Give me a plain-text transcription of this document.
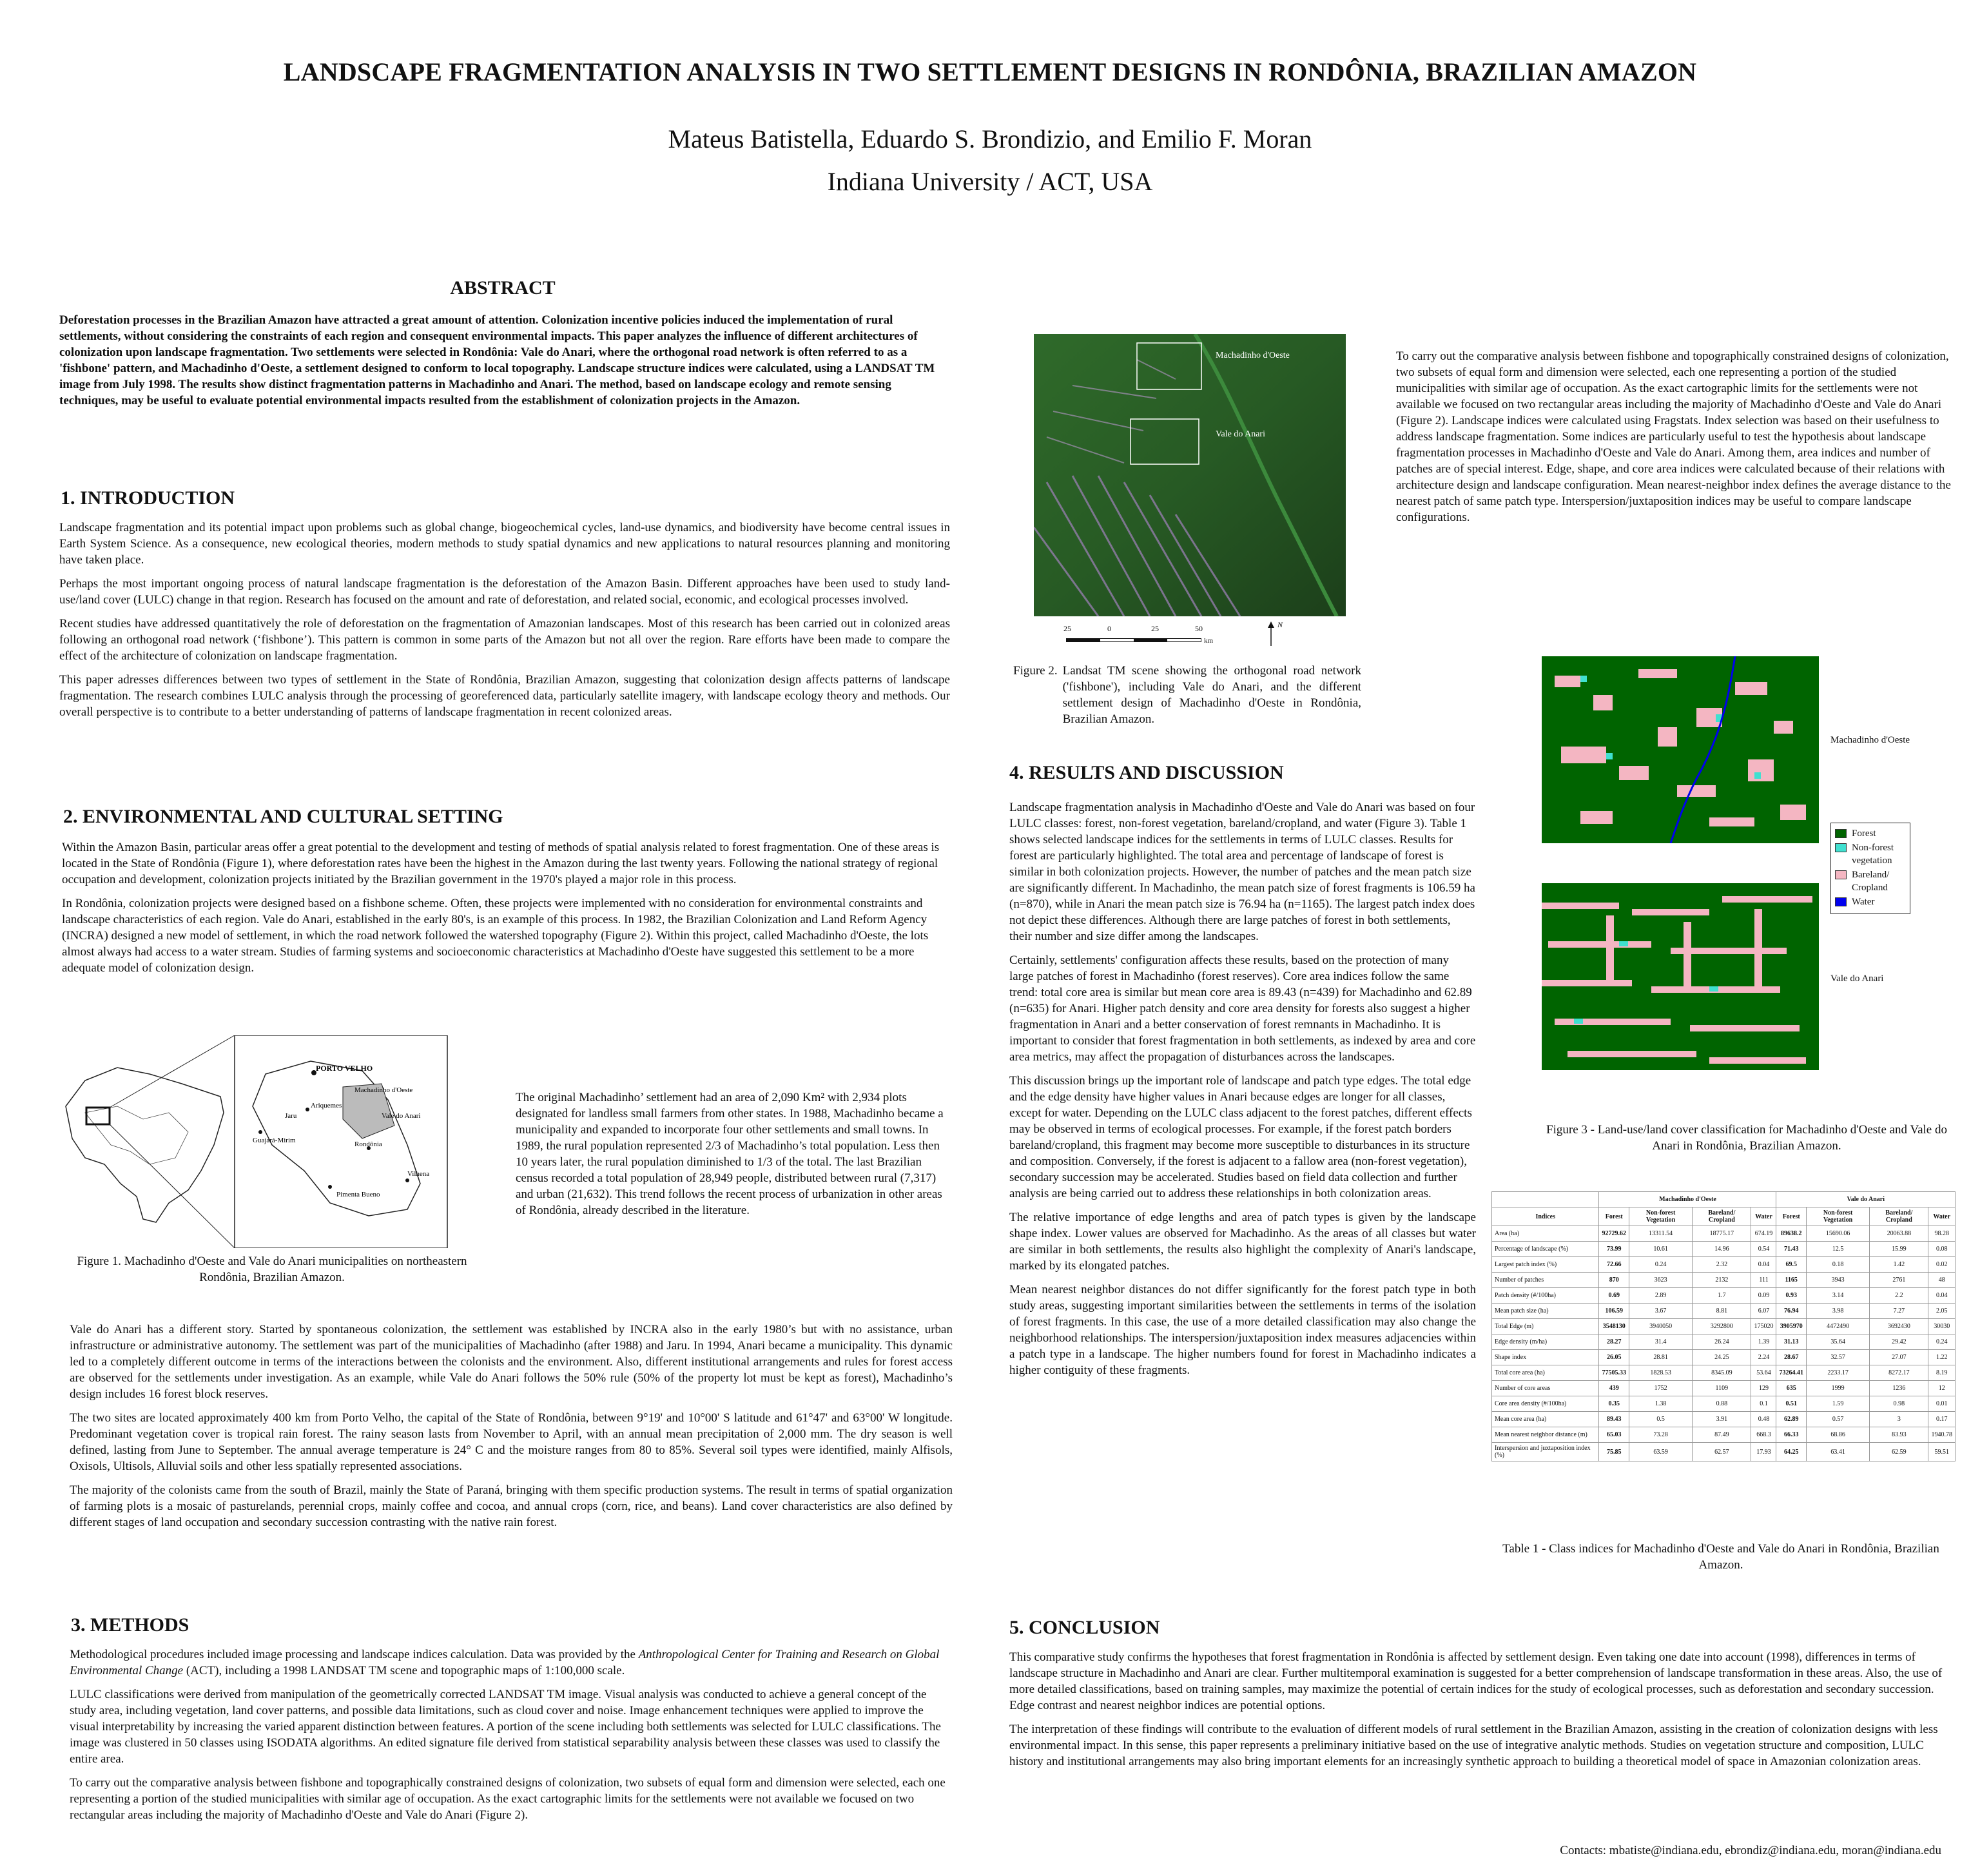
LANDSCAPE FRAGMENTATION ANALYSIS IN TWO SETTLEMENT DESIGNS IN RONDÔNIA, BRAZILIAN AMAZON
Mateus Batistella, Eduardo S. Brondizio, and Emilio F. Moran
Indiana University / ACT, USA
ABSTRACT
Deforestation processes in the Brazilian Amazon have attracted a great amount of attention. Colonization incentive policies induced the implementation of rural settlements, without considering the constraints of each region and consequent environmental impacts. This paper analyzes the influence of different architectures of colonization upon landscape fragmentation. Two settlements were selected in Rondônia: Vale do Anari, where the orthogonal road network is often referred to as a 'fishbone' pattern, and Machadinho d'Oeste, a settlement designed to conform to local topography. Landscape structure indices were calculated, using a LANDSAT TM image from July 1998. The results show distinct fragmentation patterns in Machadinho and Anari. The method, based on landscape ecology and remote sensing techniques, may be useful to evaluate potential environmental impacts resulted from the establishment of colonization projects in the Amazon.
1. INTRODUCTION

Landscape fragmentation and its potential impact upon problems such as global change, biogeochemical cycles, land-use dynamics, and biodiversity have become central issues in Earth System Science. As a consequence, new ecological theories, modern methods to study spatial dynamics and new applications to natural resources planning and monitoring have taken place.

Perhaps the most important ongoing process of natural landscape fragmentation is the deforestation of the Amazon Basin. Different approaches have been used to study land-use/land cover (LULC) change in that region. Research has focused on the amount and rate of deforestation, and related social, economic, and ecological processes involved.

Recent studies have addressed quantitatively the role of deforestation on the fragmentation of Amazonian landscapes. Most of this research has been carried out in colonized areas following an orthogonal road network (‘fishbone’). This pattern is common in some parts of the Amazon but not all over the region. Rare efforts have been made to compare the effect of the architecture of colonization on landscape fragmentation.

This paper adresses differences between two types of settlement in the State of Rondônia, Brazilian Amazon, suggesting that colonization design affects patterns of landscape fragmentation. The research combines LULC analysis through the processing of georeferenced data, particularly satellite imagery, with landscape ecology theory and methods. Our overall perspective is to contribute to a better understanding of patterns of landscape fragmentation in recent colonized areas.

2. ENVIRONMENTAL AND CULTURAL SETTING

Within the Amazon Basin, particular areas offer a great potential to the development and testing of methods of spatial analysis related to forest fragmentation. One of these areas is located in the State of Rondônia (Figure 1), where deforestation rates have been the highest in the Amazon during the last twenty years. Following the national strategy of regional occupation and development, colonization projects initiated by the Brazilian government in the 1970's played a major role in this process.

In Rondônia, colonization projects were designed based on a fishbone scheme. Often, these projects were implemented with no consideration for environmental constraints and landscape characteristics of each region. Vale do Anari, established in the early 80's, is an example of this process. In 1982, the Brazilian Colonization and Land Reform Agency (INCRA) designed a new model of settlement, in which the road network followed the watershed topography (Figure 2). Within this project, called Machadinho d'Oeste, the lots almost always had access to a water stream. Studies of farming systems and socioeconomic characteristics at Machadinho d'Oeste have suggested this settlement to be a more adequate model of colonization design.

PORTO VELHO
Machadinho d'Oeste
Vale do Anari
Ariquemes
Jaru
Guajará-Mirim	Rondônia
Vilhena
Pimenta Bueno
Figure 1. Machadinho d'Oeste and Vale do Anari municipalities on northeastern Rondônia, Brazilian Amazon.

The original Machadinho’ settlement had an area of 2,090 Km² with 2,934 plots designated for landless small farmers from other states. In 1988, Machadinho became a municipality and expanded to incorporate four other settlements and small towns. In 1989, the rural population represented 2/3 of Machadinho’s total population. Less then 10 years later, the rural population diminished to 1/3 of the total. The last Brazilian census recorded a total population of 28,949 people, distributed between rural (7,317) and urban (21,632). This trend follows the recent process of urbanization in other areas of Rondônia, already described in the literature.

Vale do Anari has a different story. Started by spontaneous colonization, the settlement was established by INCRA also in the early 1980’s but with no assistance, urban infrastructure or administrative autonomy. The settlement was part of the municipalities of Machadinho (after 1988) and Jaru. In 1994, Anari became a municipality. This dynamic led to a completely different outcome in terms of the interactions between the colonists and the environment. Also, different institutional arrangements and rules for forest access are observed for the settlements under investigation. As an example, while Vale do Anari follows the 50% rule (50% of the property lot must be kept as forest), Machadinho’s design includes 16 forest block reserves.

The two sites are located approximately 400 km from Porto Velho, the capital of the State of Rondônia, between 9°19' and 10°00' S latitude and 61°47' and 63°00' W longitude. Predominant vegetation cover is tropical rain forest. The rainy season lasts from November to April, with an annual mean precipitation of 2,000 mm. The dry season is well defined, lasting from June to September. The annual average temperature is 24° C and the moisture ranges from 80 to 85%. Several soil types were identified, mainly Alfisols, Oxisols, Ultisols, Alluvial soils and other less spatially represented associations.

The majority of the colonists came from the south of Brazil, mainly the State of Paraná, bringing with them specific production systems. The result in terms of spatial organization of farming plots is a mosaic of pasturelands, perennial crops, mainly coffee and cocoa, and annual crops (corn, rice, and beans). Land cover characteristics are also defined by different stages of land occupation and secondary succession contrasting with the native rain forest.

3. METHODS

Methodological procedures included image processing and landscape indices calculation. Data was provided by the Anthropological Center for Training and Research on Global Environmental Change (ACT), including a 1998 LANDSAT TM scene and topographic maps of 1:100,000 scale.

LULC classifications were derived from manipulation of the geometrically corrected LANDSAT TM image. Visual analysis was conducted to achieve a general concept of the study area, including vegetation, land cover patterns, and possible data limitations, such as cloud cover and noise. Image enhancement techniques were applied to improve the visual interpretability by increasing the varied apparent distinction between features. A portion of the scene including both settlements was selected for LULC classifications. The image was clustered in 50 classes using ISODATA algorithms. An edited signature file derived from statistical separability analysis between these classes was used to classify the entire area.

To carry out the comparative analysis between fishbone and topographically constrained designs of colonization, two subsets of equal form and dimension were selected, each one representing a portion of the studied municipalities with similar age of occupation. As the exact cartographic limits for the settlements were not available we focused on two rectangular areas including the majority of Machadinho d'Oeste and Vale do Anari (Figure 2).

Machadinho d'Oeste
Vale do Anari
25	0	25	50
km
N
Figure 2. Landsat TM scene showing the orthogonal road network ('fishbone'), including Vale do Anari, and the different settlement design of Machadinho d'Oeste in Rondônia, Brazilian Amazon.

To carry out the comparative analysis between fishbone and topographically constrained designs of colonization, two subsets of equal form and dimension were selected, each one representing a portion of the studied municipalities with similar age of occupation. As the exact cartographic limits for the settlements were not available we focused on two rectangular areas including the majority of Machadinho d'Oeste and Vale do Anari (Figure 2). Landscape indices were calculated using Fragstats. Index selection was based on their usefulness to address landscape fragmentation. Some indices are particularly useful to test the hypothesis about landscape fragmentation processes in Machadinho d'Oeste and Vale do Anari. Among them, area indices and number of patches are of special interest. Edge, shape, and core area indices were calculated because of their relations with architecture design and landscape configuration. Mean nearest-neighbor index defines the average distance to the nearest patch of same patch type. Interspersion/juxtaposition indices may be useful to compare landscape configurations.

Machadinho d'Oeste
Vale do Anari
Forest
Non-forest vegetation
Bareland/ Cropland
Water
Figure 3 - Land-use/land cover classification for Machadinho d'Oeste and Vale do Anari in Rondônia, Brazilian Amazon.
4. RESULTS AND DISCUSSION

Landscape fragmentation analysis in Machadinho d'Oeste and Vale do Anari was based on four LULC classes: forest, non-forest vegetation, bareland/cropland, and water (Figure 3). Table 1 shows selected landscape indices for the settlements in terms of LULC classes. Results for forest are particularly highlighted. The total area and percentage of landscape of forest is similar in both colonization projects. However, the number of patches and the mean patch size are significantly different. In Machadinho, the mean patch size of forest fragments is 106.59 ha (n=870), while in Anari the mean patch size is 76.94 ha (n=1165). The largest patch index does not depict these differences. Although there are large patches of forest in both settlements, their number and size differ among the landscapes.

Certainly, settlements' configuration affects these results, based on the protection of many large patches of forest in Machadinho (forest reserves). Core area indices follow the same trend: total core area is similar but mean core area is 89.43 (n=439) for Machadinho and 62.89 (n=635) for Anari. Higher patch density and core area density for forests also suggest a higher fragmentation in Anari and a better conservation of forest remnants in Machadinho. It is important to consider that forest fragmentation in both settlements, as indexed by area and core area metrics, may affect the propagation of disturbances across the landscapes.

This discussion brings up the important role of landscape and patch type edges. The total edge and the edge density have higher values in Anari because edges are longer for all classes, except for water. Depending on the LULC class adjacent to the forest patches, different effects may be observed in terms of ecological processes. For example, if the forest patch borders bareland/cropland, this fragment may become more susceptible to disturbances in its structure and composition. Conversely, if the forest is adjacent to a fallow area (non-forest vegetation), secondary succession may be accelerated. Studies based on field data collection and further analysis are being carried out to address these relationships in both colonization areas.

The relative importance of edge lengths and area of patch types is given by the landscape shape index. Lower values are observed for Machadinho. As the areas of all classes but water are similar in both settlements, the results also highlight the complexity of Anari's landscape, marked by its elongated patches.

Mean nearest neighbor distances do not differ significantly for the forest patch type in both study areas, suggesting important similarities between the settlements in terms of the isolation of forest fragments. In this case, the use of a more detailed classification may also change the neighborhood relationships. The interspersion/juxtaposition index measures adjacencies within a patch type in a landscape. The higher numbers found for forest in Machadinho indicates a higher contiguity of these fragments.

	Machadinho d'Oeste				Vale do Anari			
Indices	Forest	Non-forest Vegetation	Bareland/ Cropland	Water	Forest	Non-forest Vegetation	Bareland/ Cropland	Water
Area (ha)	92729.62	13311.54	18775.17	674.19	89638.2	15690.06	20063.88	98.28
Percentage of landscape (%)	73.99	10.61	14.96	0.54	71.43	12.5	15.99	0.08
Largest patch index (%)	72.66	0.24	2.32	0.04	69.5	0.18	1.42	0.02
Number of patches	870	3623	2132	111	1165	3943	2761	48
Patch density (#/100ha)	0.69	2.89	1.7	0.09	0.93	3.14	2.2	0.04
Mean patch size (ha)	106.59	3.67	8.81	6.07	76.94	3.98	7.27	2.05
Total Edge (m)	3548130	3940050	3292800	175020	3905970	4472490	3692430	30030
Edge density (m/ha)	28.27	31.4	26.24	1.39	31.13	35.64	29.42	0.24
Shape index	26.05	28.81	24.25	2.24	28.67	32.57	27.07	1.22
Total core area (ha)	77505.33	1828.53	8345.09	53.64	73264.41	2233.17	8272.17	8.19
Number of core areas	439	1752	1109	129	635	1999	1236	12
Core area density (#/100ha)	0.35	1.38	0.88	0.1	0.51	1.59	0.98	0.01
Mean core area (ha)	89.43	0.5	3.91	0.48	62.89	0.57	3	0.17
Mean nearest neighbor distance (m)	65.03	73.28	87.49	668.3	66.33	68.86	83.93	1940.78
Interspersion and juxtaposition index (%)	75.85	63.59	62.57	17.93	64.25	63.41	62.59	59.51
Table 1 - Class indices for Machadinho d'Oeste and Vale do Anari in Rondônia, Brazilian Amazon.
5. CONCLUSION

This comparative study confirms the hypotheses that forest fragmentation in Rondônia is affected by settlement design. Even taking one date into account (1998), differences in terms of landscape structure in Machadinho and Anari are clear. Further multitemporal examination is suggested for a better comprehension of landscape transformation in these areas. Also, the use of more detailed classifications, based on training samples, may maximize the potential of certain indices for the study of ecological processes, such as deforestation and secondary succession. Edge contrast and nearest neighbor indices are potential options.

The interpretation of these findings will contribute to the evaluation of different models of rural settlement in the Brazilian Amazon, assisting in the creation of colonization designs with less environmental impact. In this sense, this paper represents a preliminary initiative based on the use of integrative analytic methods. Studies on vegetation structure and composition, LULC history and institutional arrangements may also bring important elements for an increasingly synthetic approach to building a theoretical model of space in Amazonian colonization areas.

Contacts: mbatiste@indiana.edu, ebrondiz@indiana.edu, moran@indiana.edu
